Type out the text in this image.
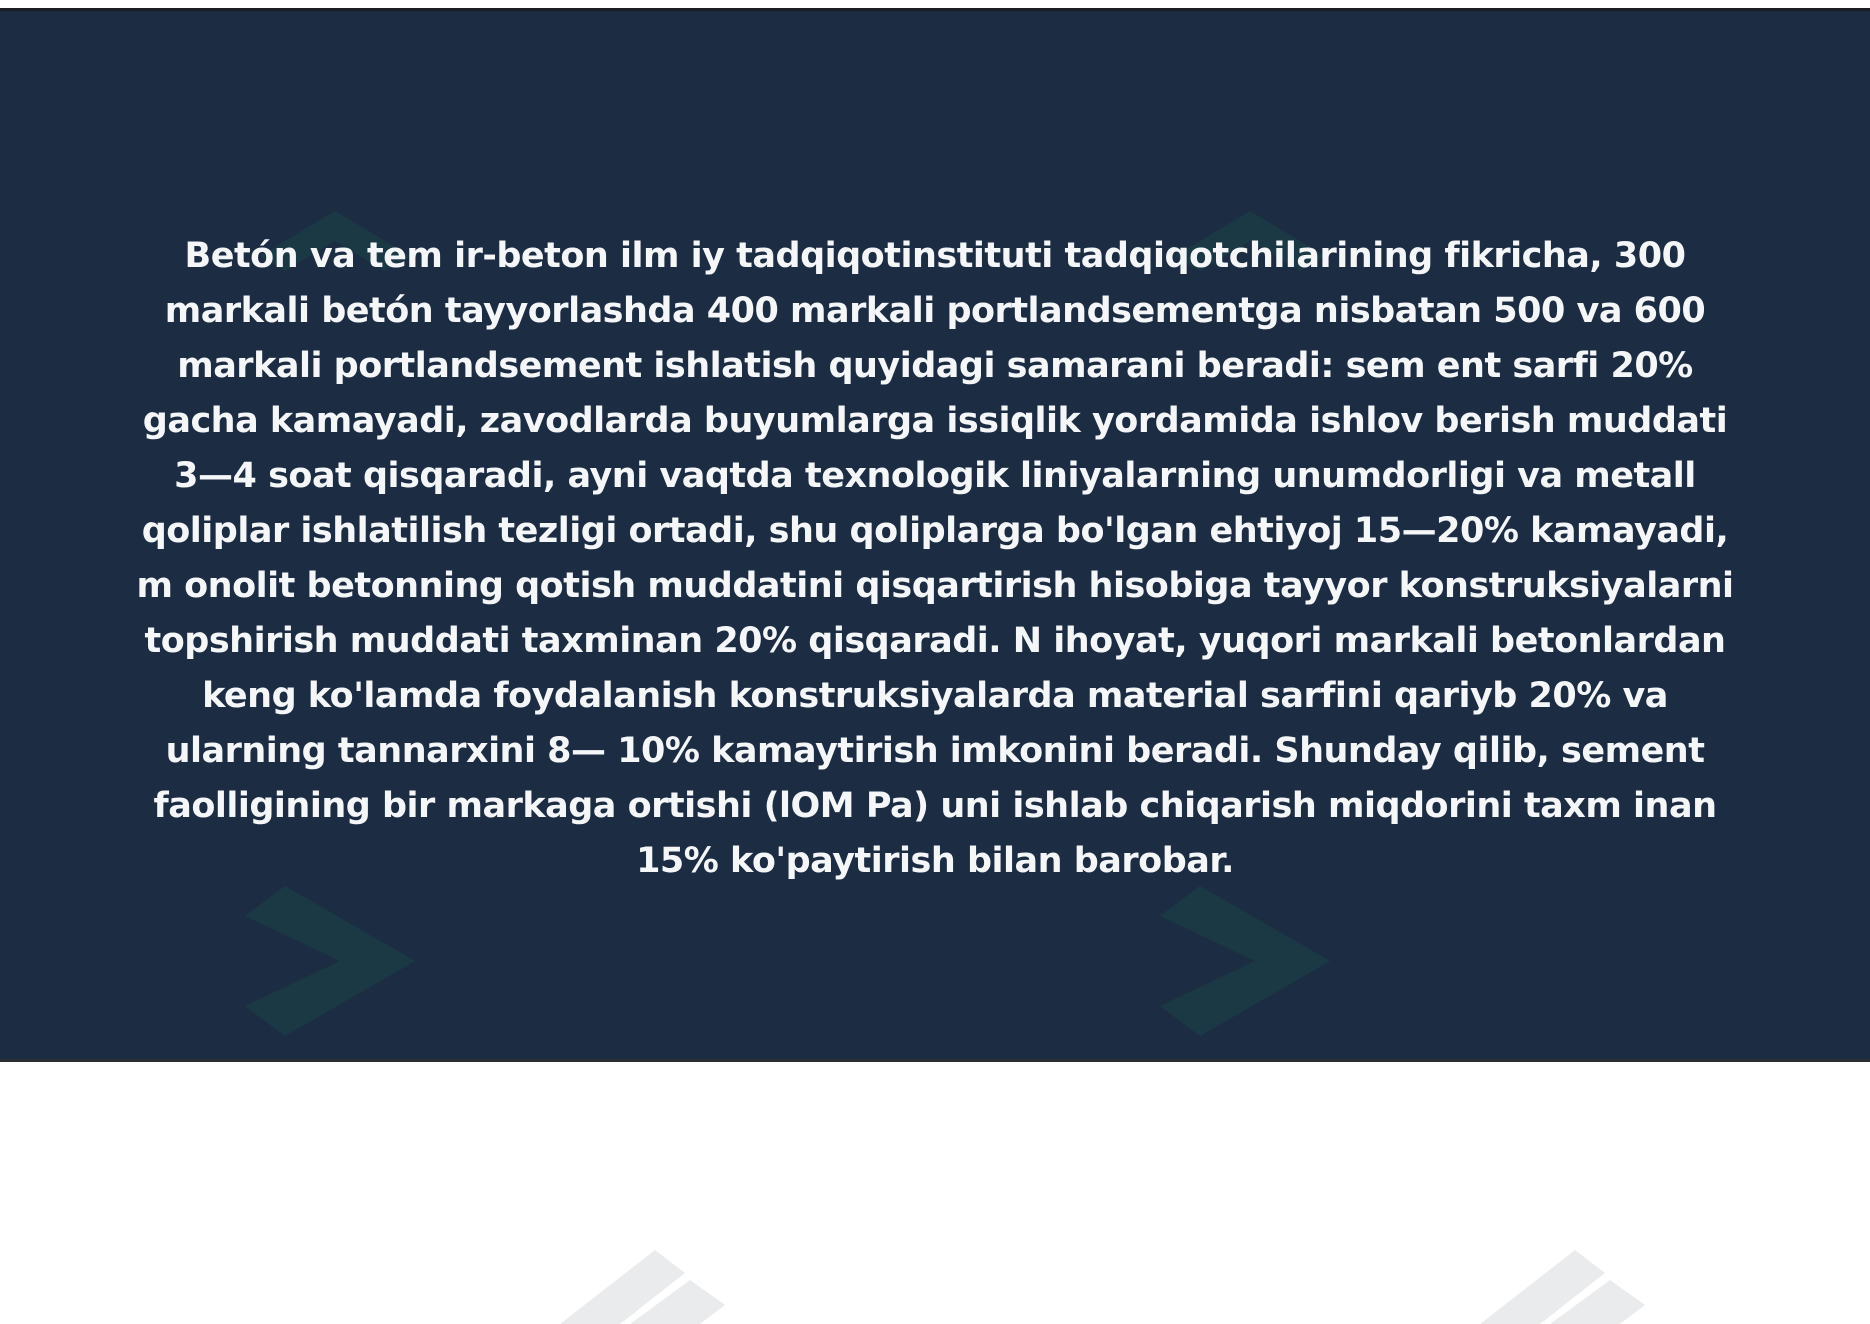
Betón va tem ir-beton ilm iy tadqiqotinstituti tadqiqotchilarining fikricha, 300 markali betón tayyorlashda 400 markali portlandsementga nisbatan 500 va 600 markali portlandsement ishlatish quyidagi samarani beradi: sem ent sarfi 20% gacha kamayadi, zavodlarda buyumlarga issiqlik yordamida ishlov berish muddati 3—4 soat qisqaradi, ayni vaqtda texnologik liniyalarning unumdorligi va metall qoliplar ishlatilish tezligi ortadi, shu qoliplarga bo'lgan ehtiyoj 15—20% kamayadi, m onolit betonning qotish muddatini qisqartirish hisobiga tayyor konstruksiyalarni topshirish muddati taxminan 20% qisqaradi. N ihoyat, yuqori markali betonlardan keng ko'lamda foydalanish konstruksiyalarda material sarfini qariyb 20% va ularning tannarxini 8— 10% kamaytirish imkonini beradi. Shunday qilib, sement faolligining bir markaga ortishi (lOM Pa) uni ishlab chiqarish miqdorini taxm inan 15% ko'paytirish bilan barobar.
